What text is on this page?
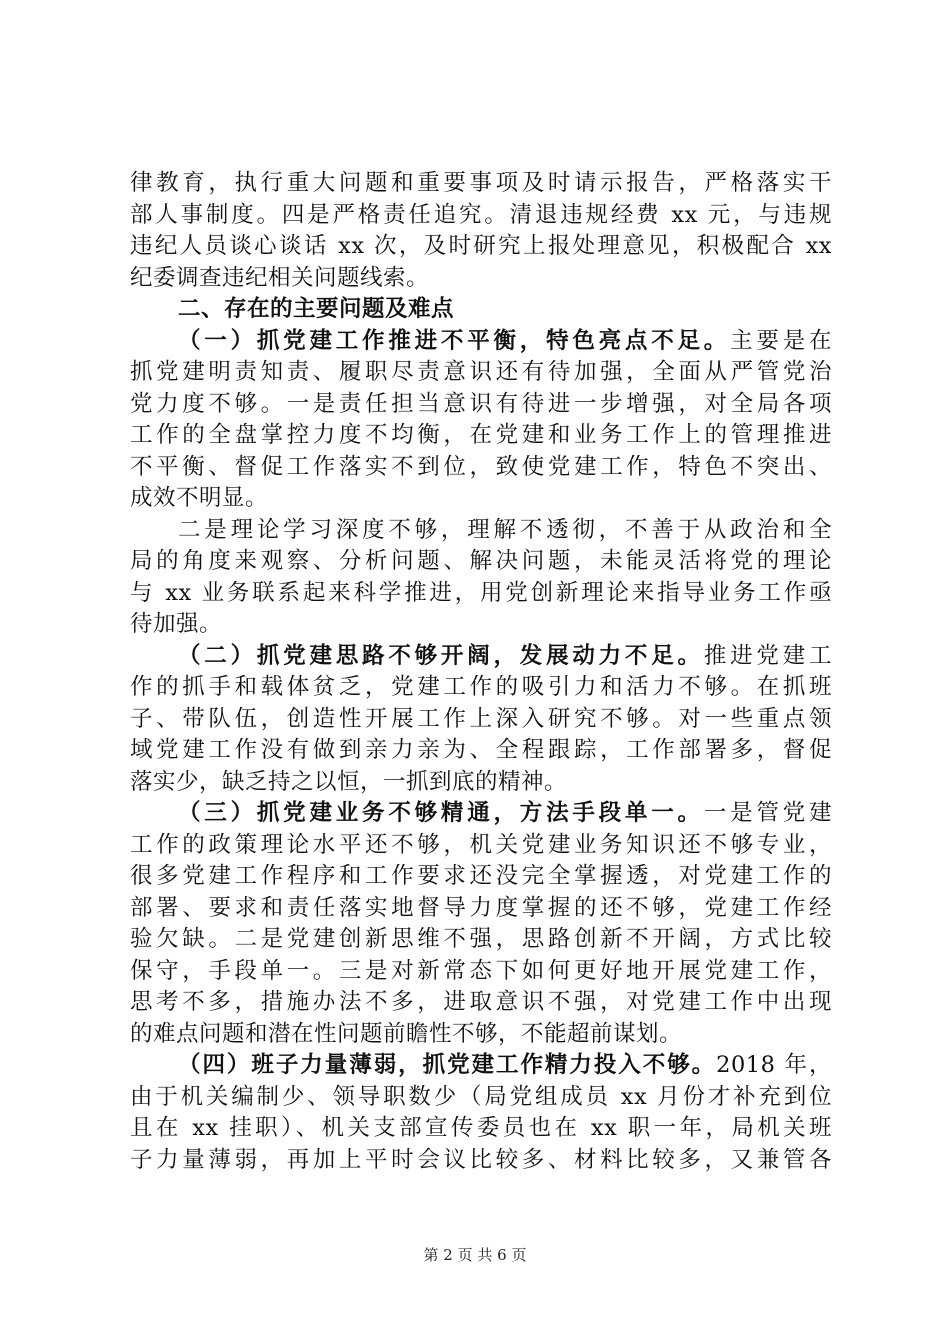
律教育，执行重大问题和重要事项及时请示报告，严格落实干
部人事制度。四是严格责任追究。清退违规经费 xx 元，与违规
违纪人员谈心谈话 xx 次，及时研究上报处理意见，积极配合 xx
纪委调查违纪相关问题线索。
二、存在的主要问题及难点
（一）抓党建工作推进不平衡，特色亮点不足。主要是在
抓党建明责知责、履职尽责意识还有待加强，全面从严管党治
党力度不够。一是责任担当意识有待进一步增强，对全局各项
工作的全盘掌控力度不均衡，在党建和业务工作上的管理推进
不平衡、督促工作落实不到位，致使党建工作，特色不突出、
成效不明显。
二是理论学习深度不够，理解不透彻，不善于从政治和全
局的角度来观察、分析问题、解决问题，未能灵活将党的理论
与 xx 业务联系起来科学推进，用党创新理论来指导业务工作亟
待加强。
（二）抓党建思路不够开阔，发展动力不足。推进党建工
作的抓手和载体贫乏，党建工作的吸引力和活力不够。在抓班
子、带队伍，创造性开展工作上深入研究不够。对一些重点领
域党建工作没有做到亲力亲为、全程跟踪，工作部署多，督促
落实少，缺乏持之以恒，一抓到底的精神。
（三）抓党建业务不够精通，方法手段单一。一是管党建
工作的政策理论水平还不够，机关党建业务知识还不够专业，
很多党建工作程序和工作要求还没完全掌握透，对党建工作的
部署、要求和责任落实地督导力度掌握的还不够，党建工作经
验欠缺。二是党建创新思维不强，思路创新不开阔，方式比较
保守，手段单一。三是对新常态下如何更好地开展党建工作，
思考不多，措施办法不多，进取意识不强，对党建工作中出现
的难点问题和潜在性问题前瞻性不够，不能超前谋划。
（四）班子力量薄弱，抓党建工作精力投入不够。2018 年，
由于机关编制少、领导职数少（局党组成员 xx 月份才补充到位
且在 xx 挂职）、机关支部宣传委员也在 xx 职一年，局机关班
子力量薄弱，再加上平时会议比较多、材料比较多，又兼管各
第 2 页 共 6 页
